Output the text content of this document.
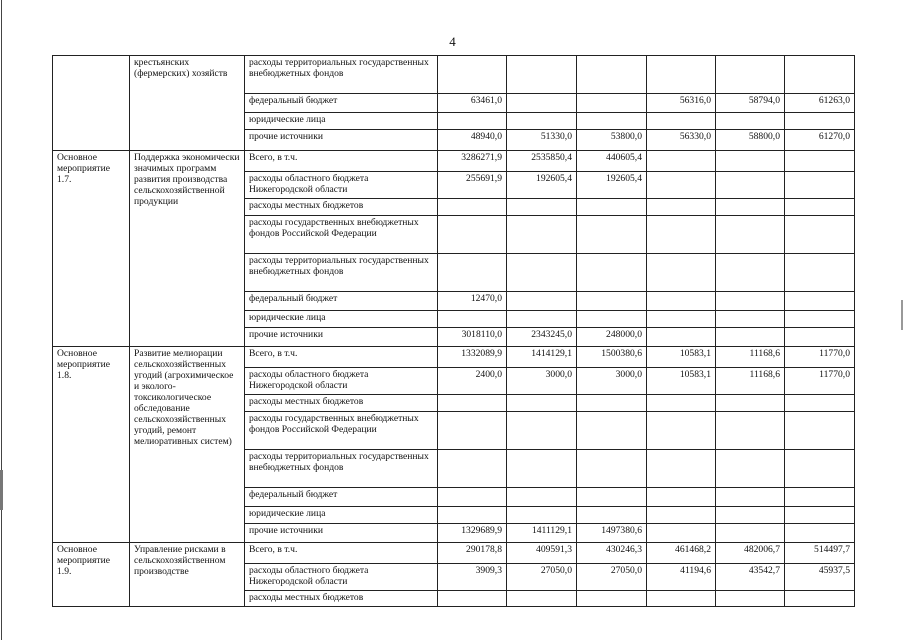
4
	крестьянских (фермерских) хозяйств	расходы территориальных государственных внебюджетных фондов						
		федеральный бюджет	63461,0			56316,0	58794,0	61263,0
		юридические лица						
		прочие источники	48940,0	51330,0	53800,0	56330,0	58800,0	61270,0
Основное мероприятие 1.7.	Поддержка экономически значимых программ развития производства сельскохозяйственной продукции	Всего, в т.ч.	3286271,9	2535850,4	440605,4			
		расходы областного бюджета Нижегородской области	255691,9	192605,4	192605,4			
		расходы местных бюджетов						
		расходы государственных внебюджетных фондов Российской Федерации						
		расходы территориальных государственных внебюджетных фондов						
		федеральный бюджет	12470,0					
		юридические лица						
		прочие источники	3018110,0	2343245,0	248000,0			
Основное мероприятие 1.8.	Развитие мелиорации сельскохозяйственных угодий (агрохимическое и эколого-токсикологическое обследование сельскохозяйственных угодий, ремонт мелиоративных систем)	Всего, в т.ч.	1332089,9	1414129,1	1500380,6	10583,1	11168,6	11770,0
		расходы областного бюджета Нижегородской области	2400,0	3000,0	3000,0	10583,1	11168,6	11770,0
		расходы местных бюджетов						
		расходы государственных внебюджетных фондов Российской Федерации						
		расходы территориальных государственных внебюджетных фондов						
		федеральный бюджет						
		юридические лица						
		прочие источники	1329689,9	1411129,1	1497380,6			
Основное мероприятие 1.9.	Управление рисками в сельскохозяйственном производстве	Всего, в т.ч.	290178,8	409591,3	430246,3	461468,2	482006,7	514497,7
		расходы областного бюджета Нижегородской области	3909,3	27050,0	27050,0	41194,6	43542,7	45937,5
		расходы местных бюджетов						
